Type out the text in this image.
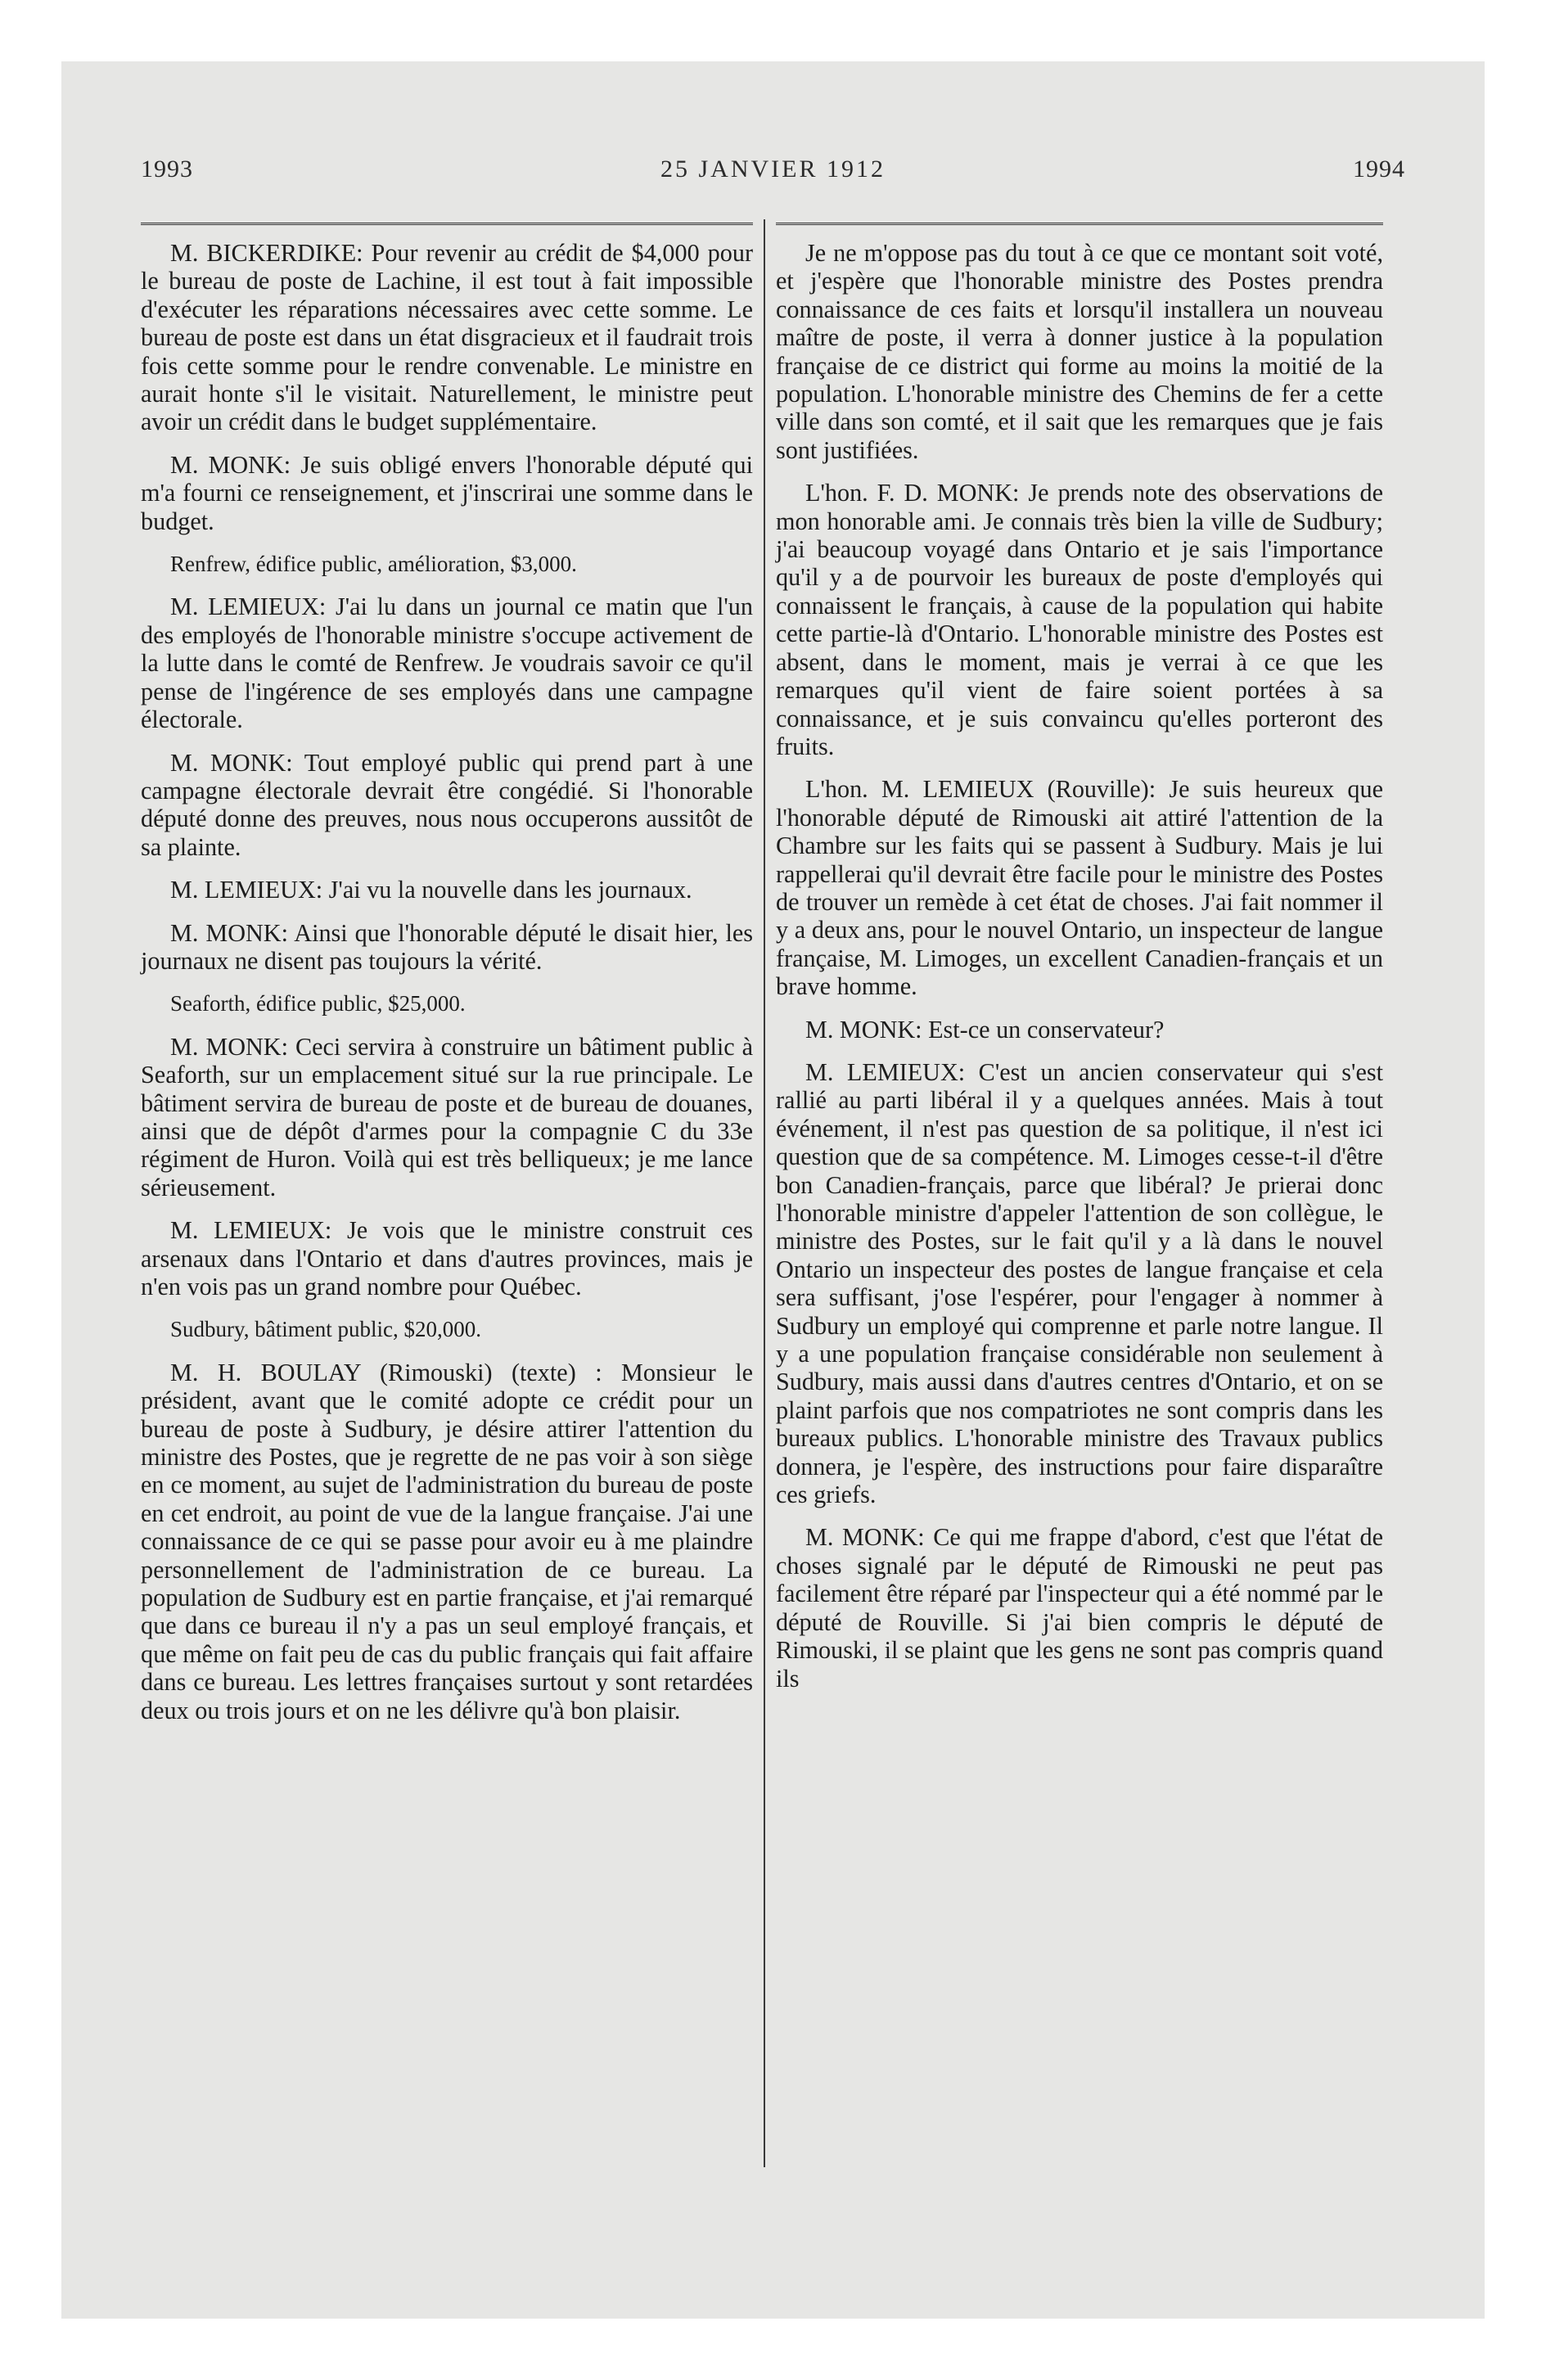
1993	25 JANVIER 1912	1994

M. BICKERDIKE: Pour revenir au crédit de $4,000 pour le bureau de poste de Lachine, il est tout à fait impossible d'exécuter les réparations nécessaires avec cette somme. Le bureau de poste est dans un état disgracieux et il faudrait trois fois cette somme pour le rendre convenable. Le ministre en aurait honte s'il le visitait. Naturellement, le ministre peut avoir un crédit dans le budget supplémentaire.

M. MONK: Je suis obligé envers l'honorable député qui m'a fourni ce renseignement, et j'inscrirai une somme dans le budget.

Renfrew, édifice public, amélioration, $3,000.

M. LEMIEUX: J'ai lu dans un journal ce matin que l'un des employés de l'honorable ministre s'occupe activement de la lutte dans le comté de Renfrew. Je voudrais savoir ce qu'il pense de l'ingérence de ses employés dans une campagne électorale.

M. MONK: Tout employé public qui prend part à une campagne électorale devrait être congédié. Si l'honorable député donne des preuves, nous nous occuperons aussitôt de sa plainte.

M. LEMIEUX: J'ai vu la nouvelle dans les journaux.

M. MONK: Ainsi que l'honorable député le disait hier, les journaux ne disent pas toujours la vérité.

Seaforth, édifice public, $25,000.

M. MONK: Ceci servira à construire un bâtiment public à Seaforth, sur un emplacement situé sur la rue principale. Le bâtiment servira de bureau de poste et de bureau de douanes, ainsi que de dépôt d'armes pour la compagnie C du 33e régiment de Huron. Voilà qui est très belliqueux; je me lance sérieusement.

M. LEMIEUX: Je vois que le ministre construit ces arsenaux dans l'Ontario et dans d'autres provinces, mais je n'en vois pas un grand nombre pour Québec.

Sudbury, bâtiment public, $20,000.

M. H. BOULAY (Rimouski) (texte) : Monsieur le président, avant que le comité adopte ce crédit pour un bureau de poste à Sudbury, je désire attirer l'attention du ministre des Postes, que je regrette de ne pas voir à son siège en ce moment, au sujet de l'administration du bureau de poste en cet endroit, au point de vue de la langue française. J'ai une connaissance de ce qui se passe pour avoir eu à me plaindre personnellement de l'administration de ce bureau. La population de Sudbury est en partie française, et j'ai remarqué que dans ce bureau il n'y a pas un seul employé français, et que même on fait peu de cas du public français qui fait affaire dans ce bureau. Les lettres françaises surtout y sont retardées deux ou trois jours et on ne les délivre qu'à bon plaisir.

Je ne m'oppose pas du tout à ce que ce montant soit voté, et j'espère que l'honorable ministre des Postes prendra connaissance de ces faits et lorsqu'il installera un nouveau maître de poste, il verra à donner justice à la population française de ce district qui forme au moins la moitié de la population. L'honorable ministre des Chemins de fer a cette ville dans son comté, et il sait que les remarques que je fais sont justifiées.

L'hon. F. D. MONK: Je prends note des observations de mon honorable ami. Je connais très bien la ville de Sudbury; j'ai beaucoup voyagé dans Ontario et je sais l'importance qu'il y a de pourvoir les bureaux de poste d'employés qui connaissent le français, à cause de la population qui habite cette partie-là d'Ontario. L'honorable ministre des Postes est absent, dans le moment, mais je verrai à ce que les remarques qu'il vient de faire soient portées à sa connaissance, et je suis convaincu qu'elles porteront des fruits.

L'hon. M. LEMIEUX (Rouville): Je suis heureux que l'honorable député de Rimouski ait attiré l'attention de la Chambre sur les faits qui se passent à Sudbury. Mais je lui rappellerai qu'il devrait être facile pour le ministre des Postes de trouver un remède à cet état de choses. J'ai fait nommer il y a deux ans, pour le nouvel Ontario, un inspecteur de langue française, M. Limoges, un excellent Canadien-français et un brave homme.

M. MONK: Est-ce un conservateur?

M. LEMIEUX: C'est un ancien conservateur qui s'est rallié au parti libéral il y a quelques années. Mais à tout événement, il n'est pas question de sa politique, il n'est ici question que de sa compétence. M. Limoges cesse-t-il d'être bon Canadien-français, parce que libéral? Je prierai donc l'honorable ministre d'appeler l'attention de son collègue, le ministre des Postes, sur le fait qu'il y a là dans le nouvel Ontario un inspecteur des postes de langue française et cela sera suffisant, j'ose l'espérer, pour l'engager à nommer à Sudbury un employé qui comprenne et parle notre langue. Il y a une population française considérable non seulement à Sudbury, mais aussi dans d'autres centres d'Ontario, et on se plaint parfois que nos compatriotes ne sont compris dans les bureaux publics. L'honorable ministre des Travaux publics donnera, je l'espère, des instructions pour faire disparaître ces griefs.

M. MONK: Ce qui me frappe d'abord, c'est que l'état de choses signalé par le député de Rimouski ne peut pas facilement être réparé par l'inspecteur qui a été nommé par le député de Rouville. Si j'ai bien compris le député de Rimouski, il se plaint que les gens ne sont pas compris quand ils
